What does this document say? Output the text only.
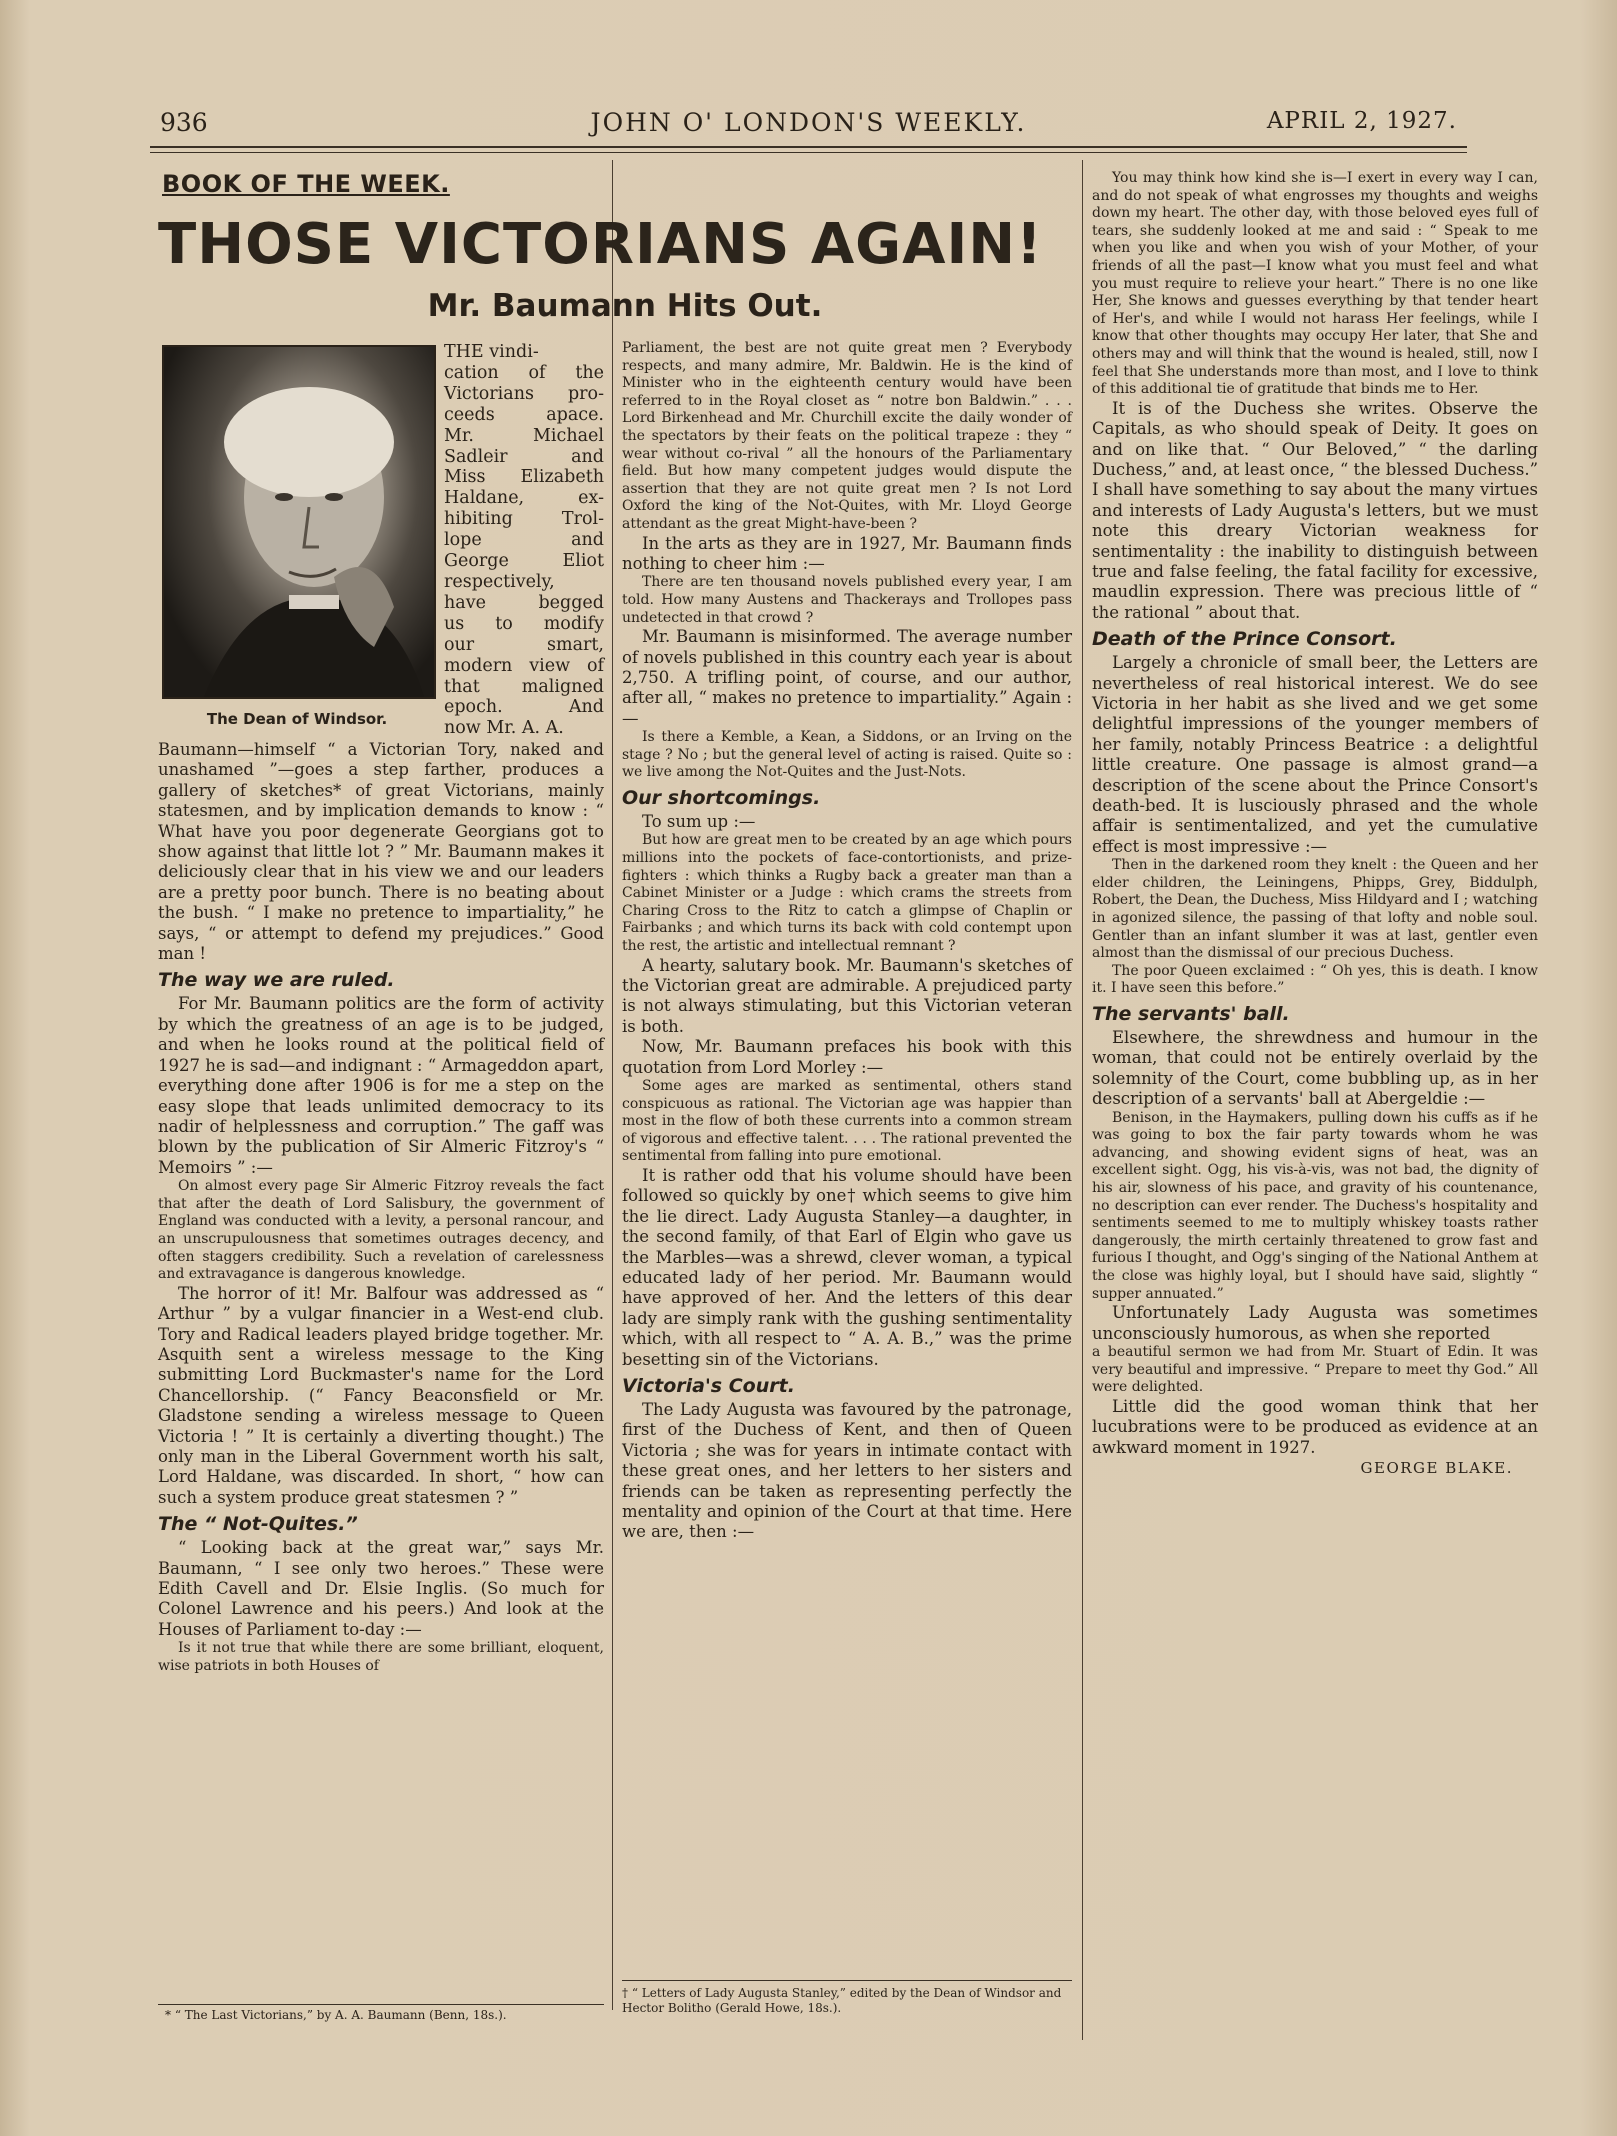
936	JOHN O' LONDON'S WEEKLY.	APRIL 2, 1927.
BOOK OF THE WEEK.
THOSE VICTORIANS AGAIN!
Mr. Baumann Hits Out.
The Dean of Windsor.
THE vindi-
cation of the
Victorians pro-
ceeds apace.
Mr. Michael
Sadleir and
Miss Elizabeth
Haldane, ex-
hibiting Trol-
lope and
George Eliot
respectively,
have begged
us to modify
our smart,
modern view of
that maligned
epoch. And
now Mr. A. A.

Baumann—himself “ a Victorian Tory, naked and unashamed ”—goes a step farther, produces a gallery of sketches* of great Victorians, mainly statesmen, and by implication demands to know : “ What have you poor degenerate Georgians got to show against that little lot ? ” Mr. Baumann makes it deliciously clear that in his view we and our leaders are a pretty poor bunch. There is no beating about the bush. “ I make no pretence to impartiality,” he says, “ or attempt to defend my prejudices.” Good man !

The way we are ruled.

For Mr. Baumann politics are the form of activity by which the greatness of an age is to be judged, and when he looks round at the political field of 1927 he is sad—and indignant : “ Armageddon apart, everything done after 1906 is for me a step on the easy slope that leads unlimited democracy to its nadir of helplessness and corruption.” The gaff was blown by the publication of Sir Almeric Fitzroy's “ Memoirs ” :—

On almost every page Sir Almeric Fitzroy reveals the fact that after the death of Lord Salisbury, the government of England was conducted with a levity, a personal rancour, and an unscrupulousness that sometimes outrages decency, and often staggers credibility. Such a revelation of carelessness and extravagance is dangerous knowledge.

The horror of it! Mr. Balfour was addressed as “ Arthur ” by a vulgar financier in a West-end club. Tory and Radical leaders played bridge together. Mr. Asquith sent a wireless message to the King submitting Lord Buckmaster's name for the Lord Chancellorship. (“ Fancy Beaconsfield or Mr. Gladstone sending a wireless message to Queen Victoria ! ” It is certainly a diverting thought.) The only man in the Liberal Government worth his salt, Lord Haldane, was discarded. In short, “ how can such a system produce great statesmen ? ”

The “ Not-Quites.”

“ Looking back at the great war,” says Mr. Baumann, “ I see only two heroes.” These were Edith Cavell and Dr. Elsie Inglis. (So much for Colonel Lawrence and his peers.) And look at the Houses of Parliament to-day :—

Is it not true that while there are some brilliant, eloquent, wise patriots in both Houses of

* “ The Last Victorians,” by A. A. Baumann (Benn, 18s.).

Parliament, the best are not quite great men ? Everybody respects, and many admire, Mr. Baldwin. He is the kind of Minister who in the eighteenth century would have been referred to in the Royal closet as “ notre bon Baldwin.” . . . Lord Birkenhead and Mr. Churchill excite the daily wonder of the spectators by their feats on the political trapeze : they “ wear without co-rival ” all the honours of the Parliamentary field. But how many competent judges would dispute the assertion that they are not quite great men ? Is not Lord Oxford the king of the Not-Quites, with Mr. Lloyd George attendant as the great Might-have-been ?

In the arts as they are in 1927, Mr. Baumann finds nothing to cheer him :—

There are ten thousand novels published every year, I am told. How many Austens and Thackerays and Trollopes pass undetected in that crowd ?

Mr. Baumann is misinformed. The average number of novels published in this country each year is about 2,750. A trifling point, of course, and our author, after all, “ makes no pretence to impartiality.” Again :—

Is there a Kemble, a Kean, a Siddons, or an Irving on the stage ? No ; but the general level of acting is raised. Quite so : we live among the Not-Quites and the Just-Nots.

Our shortcomings.

To sum up :—

But how are great men to be created by an age which pours millions into the pockets of face-contortionists, and prize-fighters : which thinks a Rugby back a greater man than a Cabinet Minister or a Judge : which crams the streets from Charing Cross to the Ritz to catch a glimpse of Chaplin or Fairbanks ; and which turns its back with cold contempt upon the rest, the artistic and intellectual remnant ?

A hearty, salutary book. Mr. Baumann's sketches of the Victorian great are admirable. A prejudiced party is not always stimulating, but this Victorian veteran is both.

Now, Mr. Baumann prefaces his book with this quotation from Lord Morley :—

Some ages are marked as sentimental, others stand conspicuous as rational. The Victorian age was happier than most in the flow of both these currents into a common stream of vigorous and effective talent. . . . The rational prevented the sentimental from falling into pure emotional.

It is rather odd that his volume should have been followed so quickly by one† which seems to give him the lie direct. Lady Augusta Stanley—a daughter, in the second family, of that Earl of Elgin who gave us the Marbles—was a shrewd, clever woman, a typical educated lady of her period. Mr. Baumann would have approved of her. And the letters of this dear lady are simply rank with the gushing sentimentality which, with all respect to “ A. A. B.,” was the prime besetting sin of the Victorians.

Victoria's Court.

The Lady Augusta was favoured by the patronage, first of the Duchess of Kent, and then of Queen Victoria ; she was for years in intimate contact with these great ones, and her letters to her sisters and friends can be taken as representing perfectly the mentality and opinion of the Court at that time. Here we are, then :—

† “ Letters of Lady Augusta Stanley,” edited by the Dean of Windsor and Hector Bolitho (Gerald Howe, 18s.).

You may think how kind she is—I exert in every way I can, and do not speak of what engrosses my thoughts and weighs down my heart. The other day, with those beloved eyes full of tears, she suddenly looked at me and said : “ Speak to me when you like and when you wish of your Mother, of your friends of all the past—I know what you must feel and what you must require to relieve your heart.” There is no one like Her, She knows and guesses everything by that tender heart of Her's, and while I would not harass Her feelings, while I know that other thoughts may occupy Her later, that She and others may and will think that the wound is healed, still, now I feel that She understands more than most, and I love to think of this additional tie of gratitude that binds me to Her.

It is of the Duchess she writes. Observe the Capitals, as who should speak of Deity. It goes on and on like that. “ Our Beloved,” “ the darling Duchess,” and, at least once, “ the blessed Duchess.” I shall have something to say about the many virtues and interests of Lady Augusta's letters, but we must note this dreary Victorian weakness for sentimentality : the inability to distinguish between true and false feeling, the fatal facility for excessive, maudlin expression. There was precious little of “ the rational ” about that.

Death of the Prince Consort.

Largely a chronicle of small beer, the Letters are nevertheless of real historical interest. We do see Victoria in her habit as she lived and we get some delightful impressions of the younger members of her family, notably Princess Beatrice : a delightful little creature. One passage is almost grand—a description of the scene about the Prince Consort's death-bed. It is lusciously phrased and the whole affair is sentimentalized, and yet the cumulative effect is most impressive :—

Then in the darkened room they knelt : the Queen and her elder children, the Leiningens, Phipps, Grey, Biddulph, Robert, the Dean, the Duchess, Miss Hildyard and I ; watching in agonized silence, the passing of that lofty and noble soul. Gentler than an infant slumber it was at last, gentler even almost than the dismissal of our precious Duchess.

The poor Queen exclaimed : “ Oh yes, this is death. I know it. I have seen this before.”

The servants' ball.

Elsewhere, the shrewdness and humour in the woman, that could not be entirely overlaid by the solemnity of the Court, come bubbling up, as in her description of a servants' ball at Abergeldie :—

Benison, in the Haymakers, pulling down his cuffs as if he was going to box the fair party towards whom he was advancing, and showing evident signs of heat, was an excellent sight. Ogg, his vis-à-vis, was not bad, the dignity of his air, slowness of his pace, and gravity of his countenance, no description can ever render. The Duchess's hospitality and sentiments seemed to me to multiply whiskey toasts rather dangerously, the mirth certainly threatened to grow fast and furious I thought, and Ogg's singing of the National Anthem at the close was highly loyal, but I should have said, slightly “ supper annuated.”

Unfortunately Lady Augusta was sometimes unconsciously humorous, as when she reported

a beautiful sermon we had from Mr. Stuart of Edin. It was very beautiful and impressive. “ Prepare to meet thy God.” All were delighted.

Little did the good woman think that her lucubrations were to be produced as evidence at an awkward moment in 1927.

GEORGE BLAKE.
